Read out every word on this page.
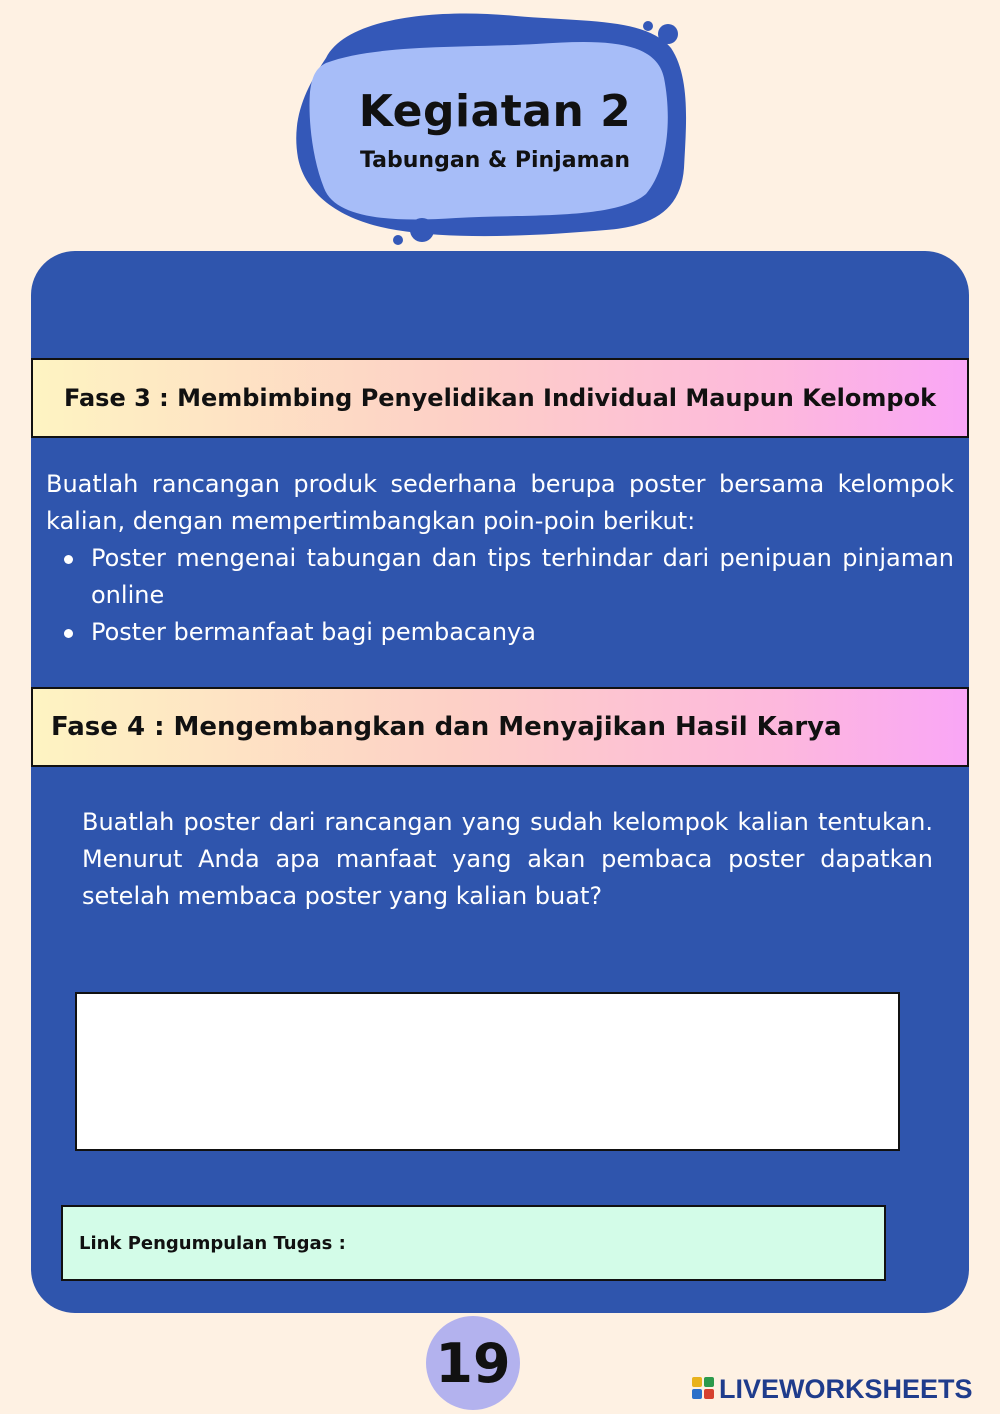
Kegiatan 2
Tabungan & Pinjaman
Fase 3 : Membimbing Penyelidikan Individual Maupun Kelompok
Buatlah rancangan produk sederhana berupa poster bersama kelompok kalian, dengan mempertimbangkan poin-poin berikut:
Poster mengenai tabungan dan tips terhindar dari penipuan pinjaman online
Poster bermanfaat bagi pembacanya
Fase 4 : Mengembangkan dan Menyajikan Hasil Karya
Buatlah poster dari rancangan yang sudah kelompok kalian tentukan. Menurut Anda apa manfaat yang akan pembaca poster dapatkan setelah membaca poster yang kalian buat?
Link Pengumpulan Tugas :
19	LIVEWORKSHEETS
